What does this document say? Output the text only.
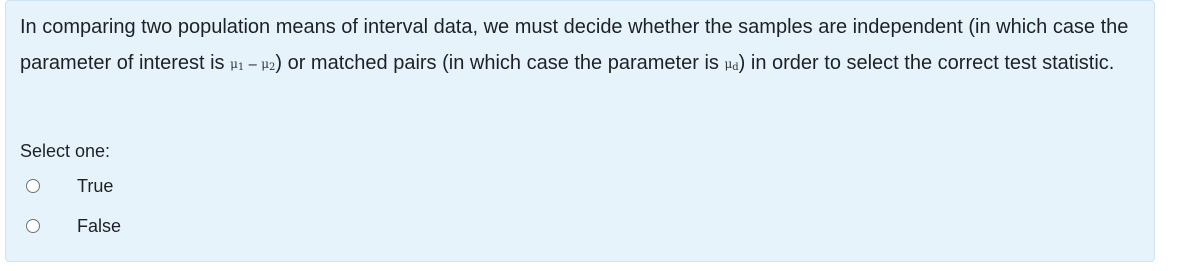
In comparing two population means of interval data, we must decide whether the samples are independent (in which case the parameter of interest is $\mu_1 - \mu_2$) or matched pairs (in which case the parameter is $\mu_d$) in order to select the correct test statistic.
Select one:
True
False
